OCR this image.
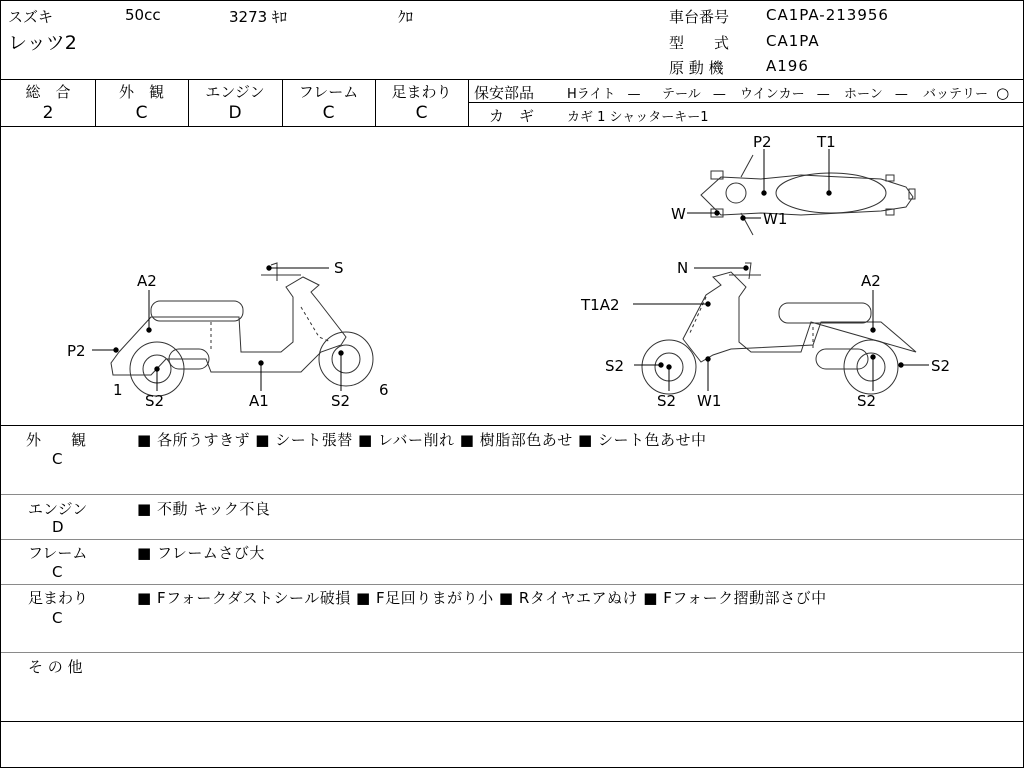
スズキ	50cc	3273 ｷﾛ	ｸﾛ
レッツ2
車台番号 CA1PA-213956
型　　式 CA1PA
原 動 機	A196
総　合
2
外　観
C
エンジン
D
フレーム
C
足まわり
C
保安部品	Hライト — テール — ウインカー — ホーン — バッテリー ○
カ　ギ	カギ 1 シャッターキー1
A2
S
P2
1
S2	A1	S2
6
N
A2
T1A2
S2
S2 W1	S2
S2
P2	T1
W	W1
外　　観
C
■ 各所うすきず ■ シート張替 ■ レバー削れ ■ 樹脂部色あせ ■ シート色あせ中
エンジン
D
■ 不動 キック不良
フレーム
C
■ フレームさび大
足まわり
C
■ Fフォークダストシール破損 ■ F足回りまがり小 ■ Rタイヤエアぬけ ■ Fフォーク摺動部さび中
そ の 他
